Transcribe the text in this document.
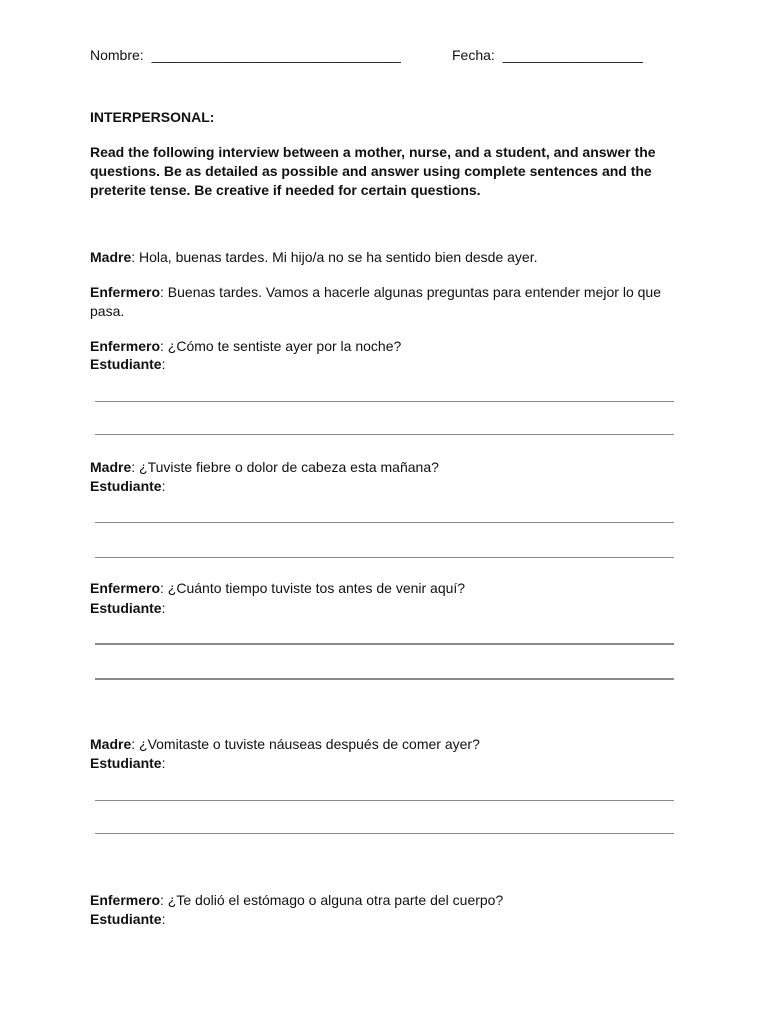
Nombre: ________________________________	Fecha: __________________
INTERPERSONAL:
Read the following interview between a mother, nurse, and a student, and answer the questions. Be as detailed as possible and answer using complete sentences and the preterite tense. Be creative if needed for certain questions.
Madre: Hola, buenas tardes. Mi hijo/a no se ha sentido bien desde ayer.
Enfermero: Buenas tardes. Vamos a hacerle algunas preguntas para entender mejor lo que pasa.
Enfermero: ¿Cómo te sentiste ayer por la noche?
Estudiante:
Madre: ¿Tuviste fiebre o dolor de cabeza esta mañana?
Estudiante:
Enfermero: ¿Cuánto tiempo tuviste tos antes de venir aquí?
Estudiante:
Madre: ¿Vomitaste o tuviste náuseas después de comer ayer?
Estudiante:
Enfermero: ¿Te dolió el estómago o alguna otra parte del cuerpo?
Estudiante:
